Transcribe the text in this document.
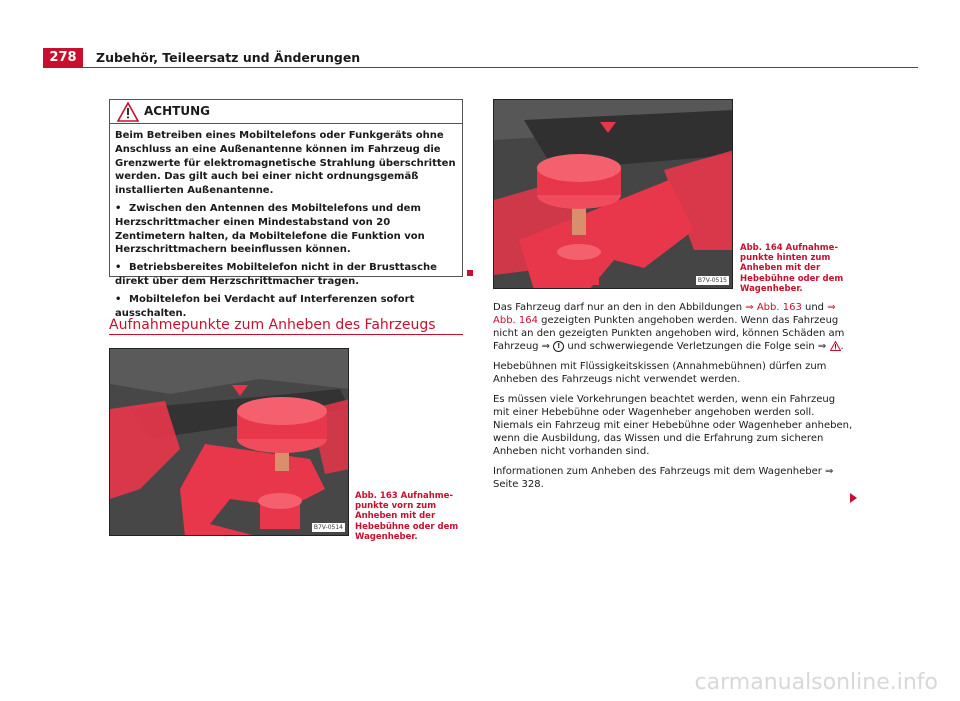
278	Zubehör, Teileersatz und Änderungen
ACHTUNG

Beim Betreiben eines Mobiltelefons oder Funkgeräts ohne Anschluss an eine Außenantenne können im Fahrzeug die Grenzwerte für elektromagnetische Strahlung überschritten werden. Das gilt auch bei einer nicht ordnungsgemäß installierten Außenantenne.

• Zwischen den Antennen des Mobiltelefons und dem Herzschrittmacher einen Mindestabstand von 20 Zentimetern halten, da Mobiltelefone die Funktion von Herzschrittmachern beeinflussen können.
• Betriebsbereites Mobiltelefon nicht in der Brusttasche direkt über dem Herzschrittmacher tragen.
• Mobiltelefon bei Verdacht auf Interferenzen sofort ausschalten.
Aufnahmepunkte zum Anheben des Fahrzeugs
B7V-0514
Abb. 163 Aufnahmepunkte vorn zum Anheben mit der Hebebühne oder dem Wagenheber.
B7V-0515
Abb. 164 Aufnahmepunkte hinten zum Anheben mit der Hebebühne oder dem Wagenheber.

Das Fahrzeug darf nur an den in den Abbildungen ⇒ Abb. 163 und ⇒ Abb. 164 gezeigten Punkten angehoben werden. Wenn das Fahrzeug nicht an den gezeigten Punkten angehoben wird, können Schäden am Fahrzeug ⇒ ! und schwerwiegende Verletzungen die Folge sein ⇒ .

Hebebühnen mit Flüssigkeitskissen (Annahmebühnen) dürfen zum Anheben des Fahrzeugs nicht verwendet werden.

Es müssen viele Vorkehrungen beachtet werden, wenn ein Fahrzeug mit einer Hebebühne oder Wagenheber angehoben werden soll. Niemals ein Fahrzeug mit einer Hebebühne oder Wagenheber anheben, wenn die Ausbildung, das Wissen und die Erfahrung zum sicheren Anheben nicht vorhanden sind.

Informationen zum Anheben des Fahrzeugs mit dem Wagenheber ⇒ Seite 328.

carmanualsonline.info
